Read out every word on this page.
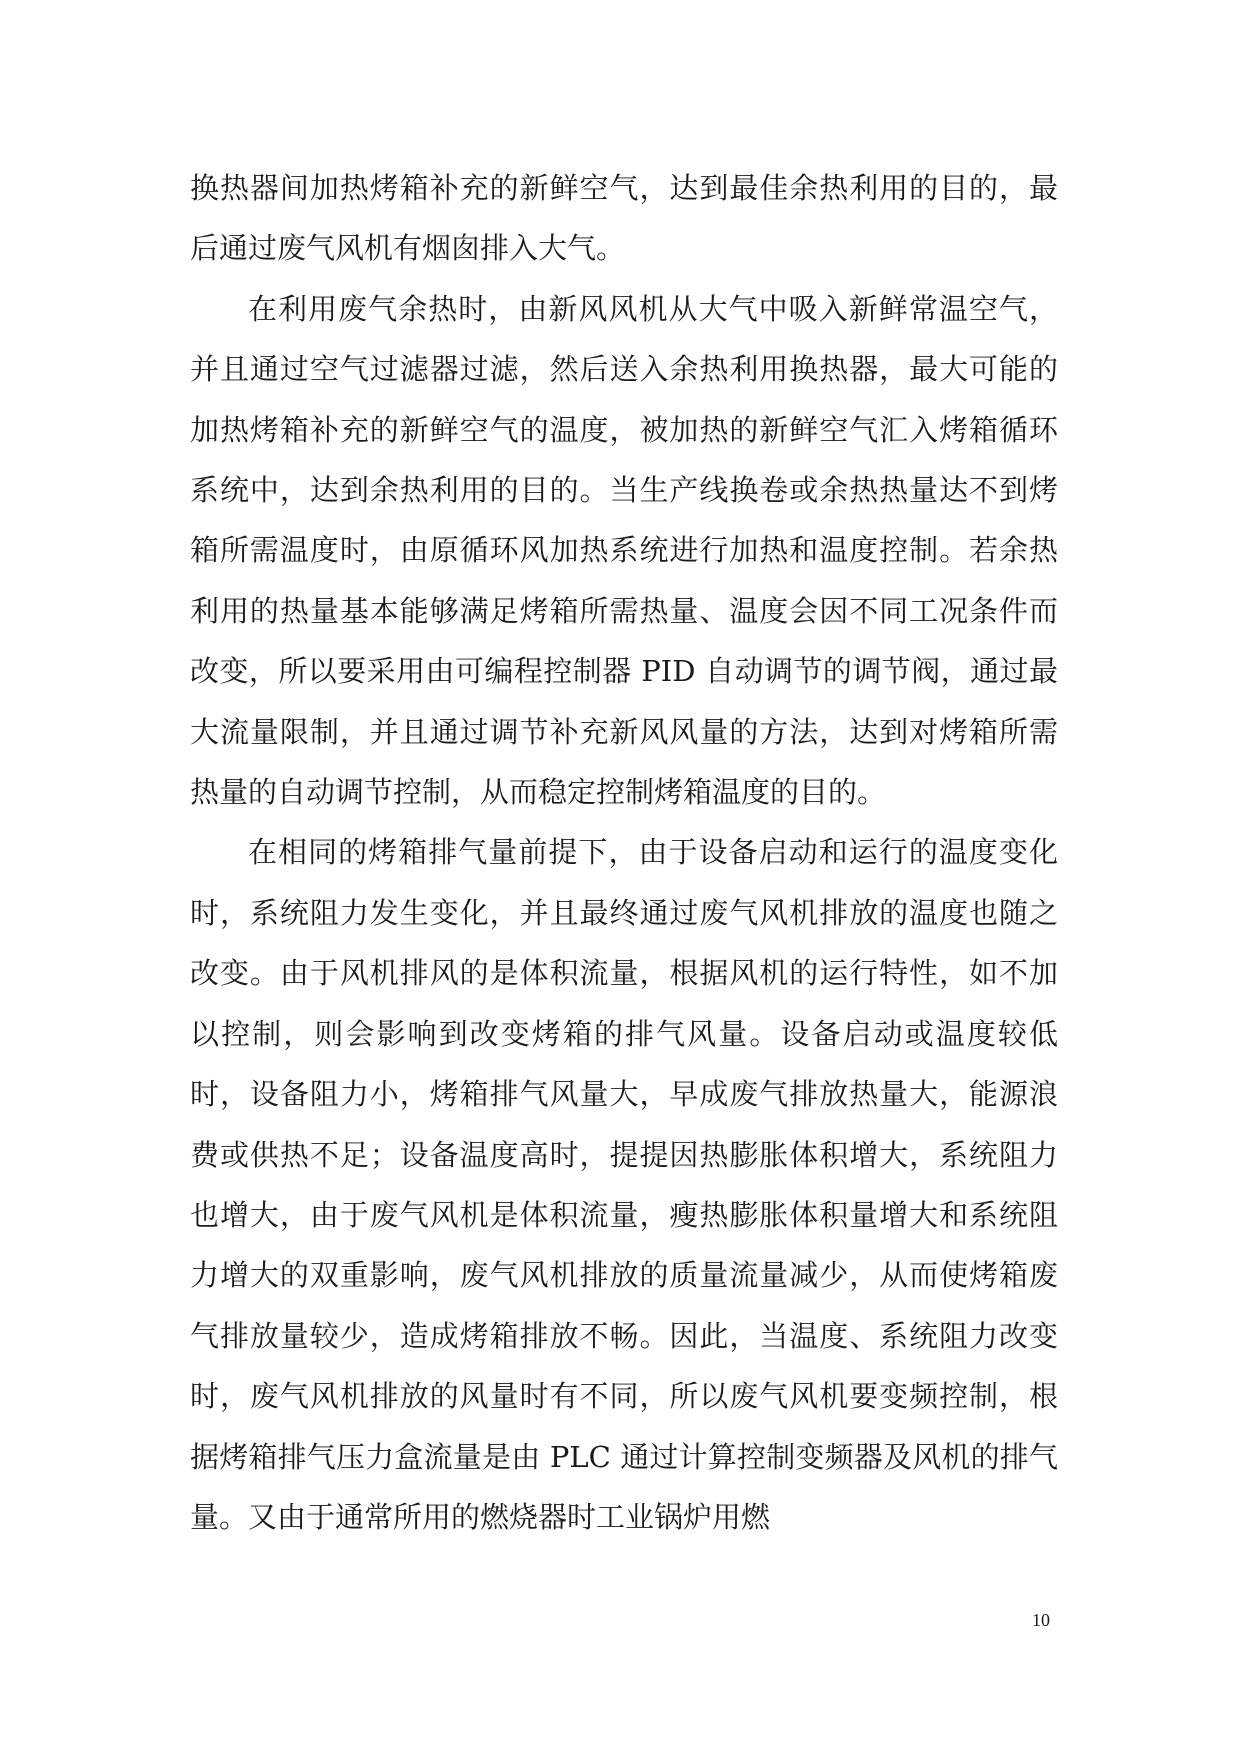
换热器间加热烤箱补充的新鲜空气，达到最佳余热利用的目的，最后通过废气风机有烟囱排入大气。

在利用废气余热时，由新风风机从大气中吸入新鲜常温空气，并且通过空气过滤器过滤，然后送入余热利用换热器，最大可能的加热烤箱补充的新鲜空气的温度，被加热的新鲜空气汇入烤箱循环系统中，达到余热利用的目的。当生产线换卷或余热热量达不到烤箱所需温度时，由原循环风加热系统进行加热和温度控制。若余热利用的热量基本能够满足烤箱所需热量、温度会因不同工况条件而改变，所以要采用由可编程控制器 PID 自动调节的调节阀，通过最大流量限制，并且通过调节补充新风风量的方法，达到对烤箱所需热量的自动调节控制，从而稳定控制烤箱温度的目的。

在相同的烤箱排气量前提下，由于设备启动和运行的温度变化时，系统阻力发生变化，并且最终通过废气风机排放的温度也随之改变。由于风机排风的是体积流量，根据风机的运行特性，如不加以控制，则会影响到改变烤箱的排气风量。设备启动或温度较低时，设备阻力小，烤箱排气风量大，早成废气排放热量大，能源浪费或供热不足；设备温度高时，提提因热膨胀体积增大，系统阻力也增大，由于废气风机是体积流量，瘦热膨胀体积量增大和系统阻力增大的双重影响，废气风机排放的质量流量减少，从而使烤箱废气排放量较少，造成烤箱排放不畅。因此，当温度、系统阻力改变时，废气风机排放的风量时有不同，所以废气风机要变频控制，根据烤箱排气压力盒流量是由 PLC 通过计算控制变频器及风机的排气量。又由于通常所用的燃烧器时工业锅炉用燃

10
